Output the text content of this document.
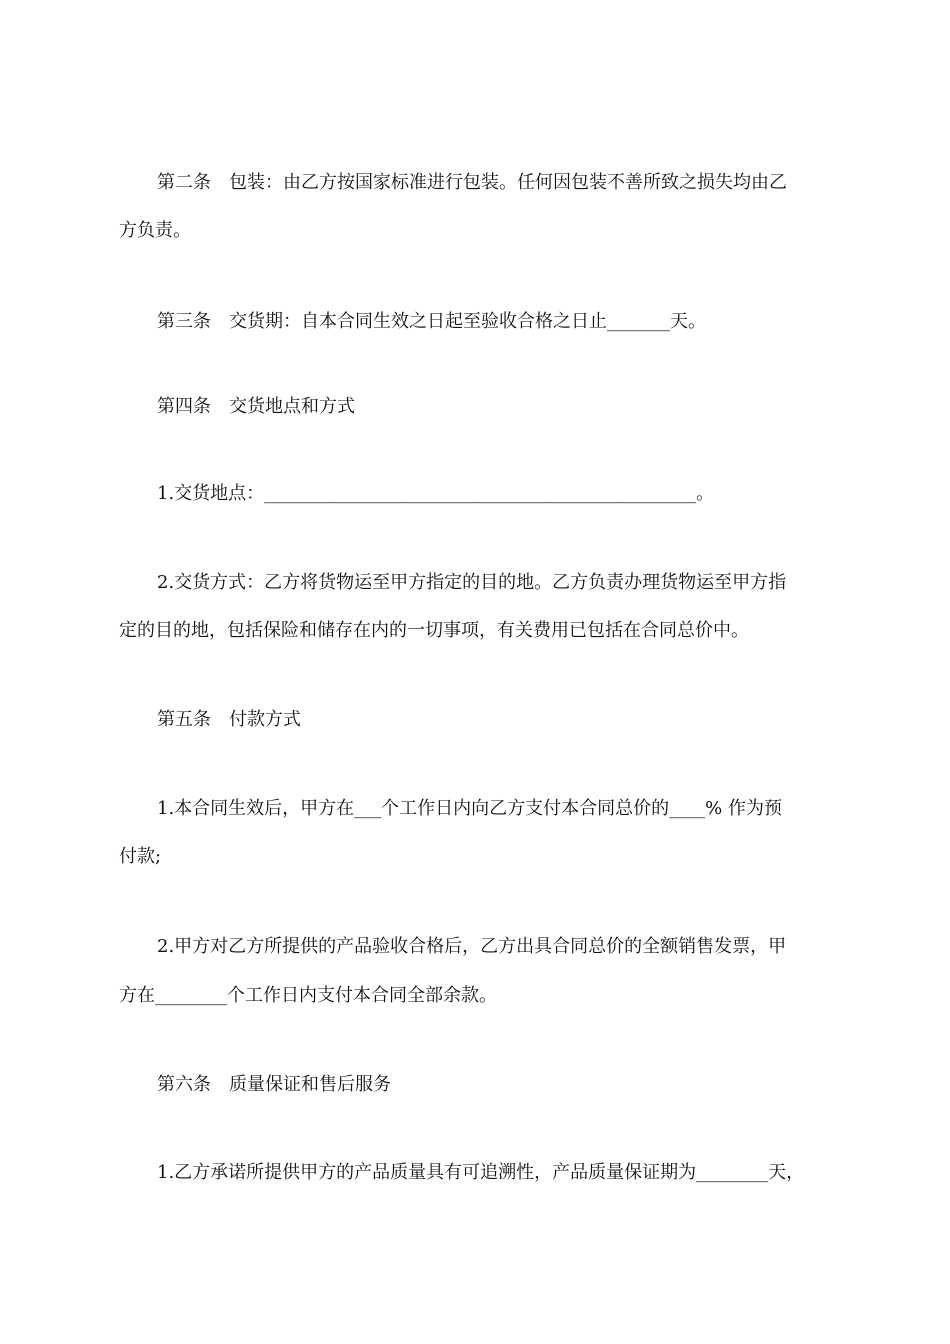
第二条 包装：由乙方按国家标准进行包装。任何因包装不善所致之损失均由乙
方负责。
第三条 交货期：自本合同生效之日起至验收合格之日止_______天。
第四条 交货地点和方式
1.交货地点：________________________________________________。
2.交货方式：乙方将货物运至甲方指定的目的地。乙方负责办理货物运至甲方指
定的目的地，包括保险和储存在内的一切事项，有关费用已包括在合同总价中。
第五条 付款方式
1.本合同生效后，甲方在___个工作日内向乙方支付本合同总价的____% 作为预
付款;
2.甲方对乙方所提供的产品验收合格后，乙方出具合同总价的全额销售发票，甲
方在________个工作日内支付本合同全部余款。
第六条 质量保证和售后服务
1.乙方承诺所提供甲方的产品质量具有可追溯性，产品质量保证期为________天，
